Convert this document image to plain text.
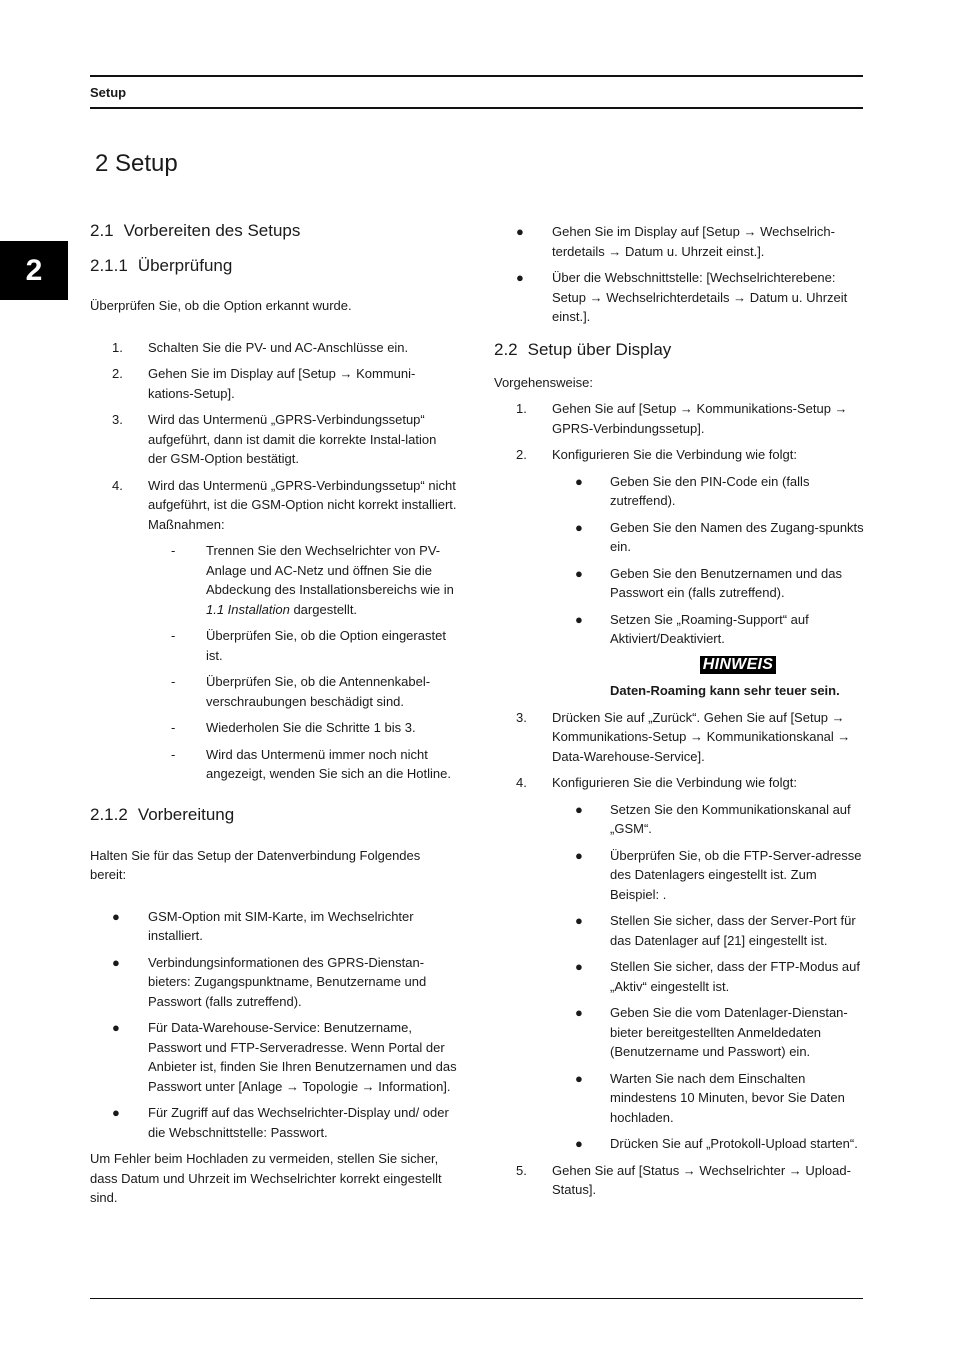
Setup
2
2 Setup
2.1 Vorbereiten des Setups
2.1.1 Überprüfung

Überprüfen Sie, ob die Option erkannt wurde.

1. Schalten Sie die PV- und AC-Anschlüsse ein.
2. Gehen Sie im Display auf [Setup → Kommuni-kations-Setup].
3. Wird das Untermenü „GPRS-Verbindungssetup“ aufgeführt, dann ist damit die korrekte Instal-lation der GSM-Option bestätigt.
4. Wird das Untermenü „GPRS-Verbindungssetup“ nicht aufgeführt, ist die GSM-Option nicht korrekt installiert. Maßnahmen:
- Trennen Sie den Wechselrichter von PV-Anlage und AC-Netz und öffnen Sie die Abdeckung des Installationsbereichs wie in 1.1 Installation dargestellt.
- Überprüfen Sie, ob die Option eingerastet ist.
- Überprüfen Sie, ob die Antennenkabel-verschraubungen beschädigt sind.
- Wiederholen Sie die Schritte 1 bis 3.
- Wird das Untermenü immer noch nicht angezeigt, wenden Sie sich an die Hotline.
2.1.2 Vorbereitung

Halten Sie für das Setup der Datenverbindung Folgendes bereit:

● GSM-Option mit SIM-Karte, im Wechselrichter installiert.
● Verbindungsinformationen des GPRS-Dienstan-bieters: Zugangspunktname, Benutzername und Passwort (falls zutreffend).
● Für Data-Warehouse-Service: Benutzername, Passwort und FTP-Serveradresse. Wenn Portal der Anbieter ist, finden Sie Ihren Benutzernamen und das Passwort unter [Anlage → Topologie → Information].
● Für Zugriff auf das Wechselrichter-Display und/ oder die Webschnittstelle: Passwort.

Um Fehler beim Hochladen zu vermeiden, stellen Sie sicher, dass Datum und Uhrzeit im Wechselrichter korrekt eingestellt sind.

● Gehen Sie im Display auf [Setup → Wechselrich-terdetails → Datum u. Uhrzeit einst.].
● Über die Webschnittstelle: [Wechselrichterebene: Setup → Wechselrichterdetails → Datum u. Uhrzeit einst.].
2.2 Setup über Display

Vorgehensweise:

1. Gehen Sie auf [Setup → Kommunikations-Setup → GPRS-Verbindungssetup].
2. Konfigurieren Sie die Verbindung wie folgt:
● Geben Sie den PIN-Code ein (falls zutreffend).
● Geben Sie den Namen des Zugang-spunkts ein.
● Geben Sie den Benutzernamen und das Passwort ein (falls zutreffend).
● Setzen Sie „Roaming-Support“ auf Aktiviert/Deaktiviert.
HINWEIS
Daten-Roaming kann sehr teuer sein.
3. Drücken Sie auf „Zurück“. Gehen Sie auf [Setup → Kommunikations-Setup → Kommunikationskanal → Data-Warehouse-Service].
4. Konfigurieren Sie die Verbindung wie folgt:
● Setzen Sie den Kommunikationskanal auf „GSM“.
● Überprüfen Sie, ob die FTP-Server-adresse des Datenlagers eingestellt ist. Zum Beispiel: .
● Stellen Sie sicher, dass der Server-Port für das Datenlager auf [21] eingestellt ist.
● Stellen Sie sicher, dass der FTP-Modus auf „Aktiv“ eingestellt ist.
● Geben Sie die vom Datenlager-Dienstan-bieter bereitgestellten Anmeldedaten (Benutzername und Passwort) ein.
● Warten Sie nach dem Einschalten mindestens 10 Minuten, bevor Sie Daten hochladen.
● Drücken Sie auf „Protokoll-Upload starten“.
5. Gehen Sie auf [Status → Wechselrichter → Upload-Status].
